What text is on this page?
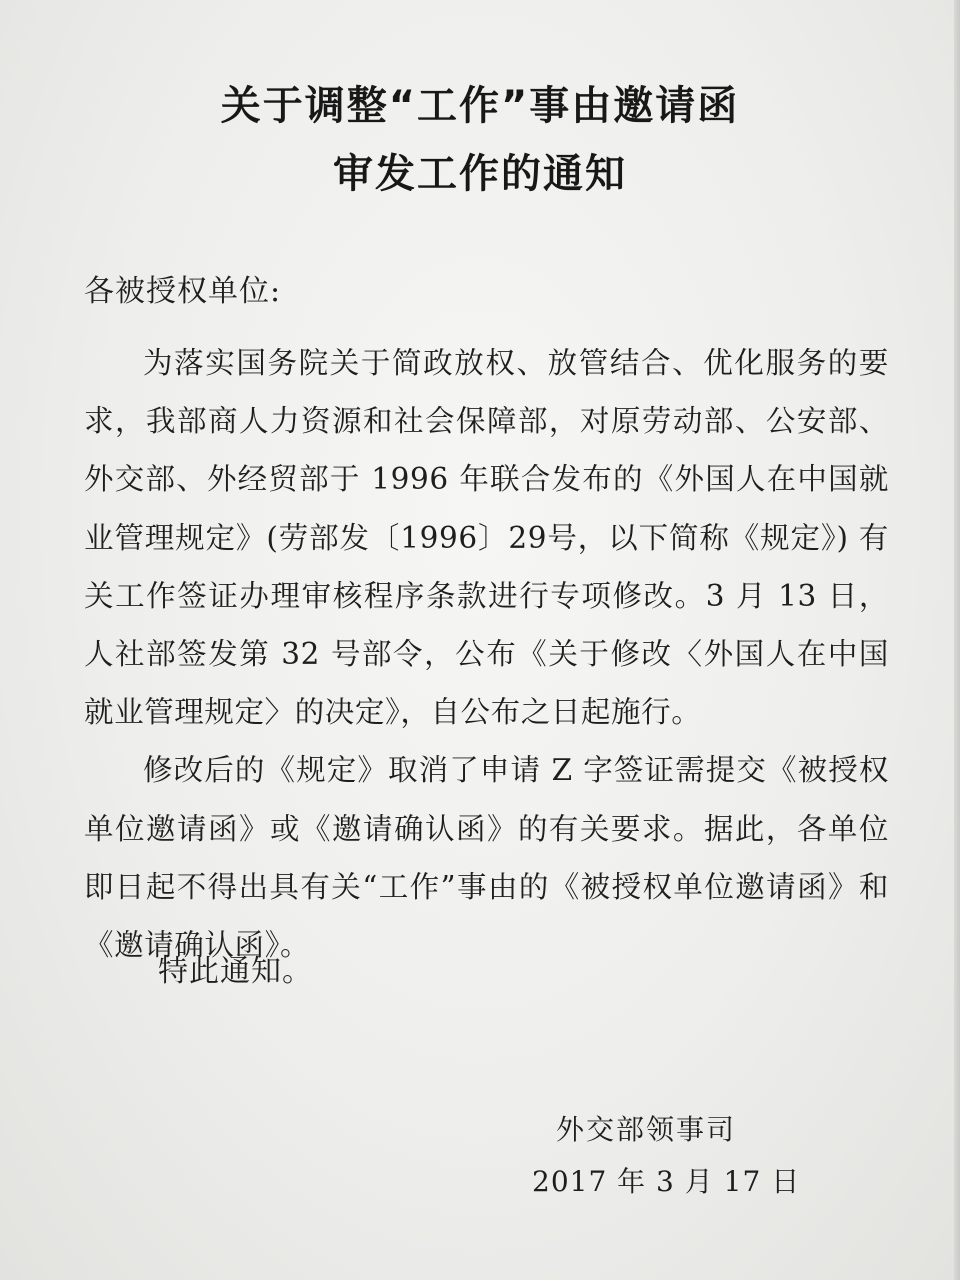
关于调整“工作”事由邀请函
审发工作的通知
各被授权单位:

为落实国务院关于简政放权、放管结合、优化服务的要求，我部商人力资源和社会保障部，对原劳动部、公安部、外交部、外经贸部于 1996 年联合发布的《外国人在中国就业管理规定》(劳部发〔1996〕29号，以下简称《规定》) 有关工作签证办理审核程序条款进行专项修改。3 月 13 日，人社部签发第 32 号部令，公布《关于修改〈外国人在中国就业管理规定〉的决定》，自公布之日起施行。

修改后的《规定》取消了申请 Z 字签证需提交《被授权单位邀请函》或《邀请确认函》的有关要求。据此，各单位即日起不得出具有关“工作”事由的《被授权单位邀请函》和《邀请确认函》。

特此通知。
外交部领事司
2017 年 3 月 17 日
